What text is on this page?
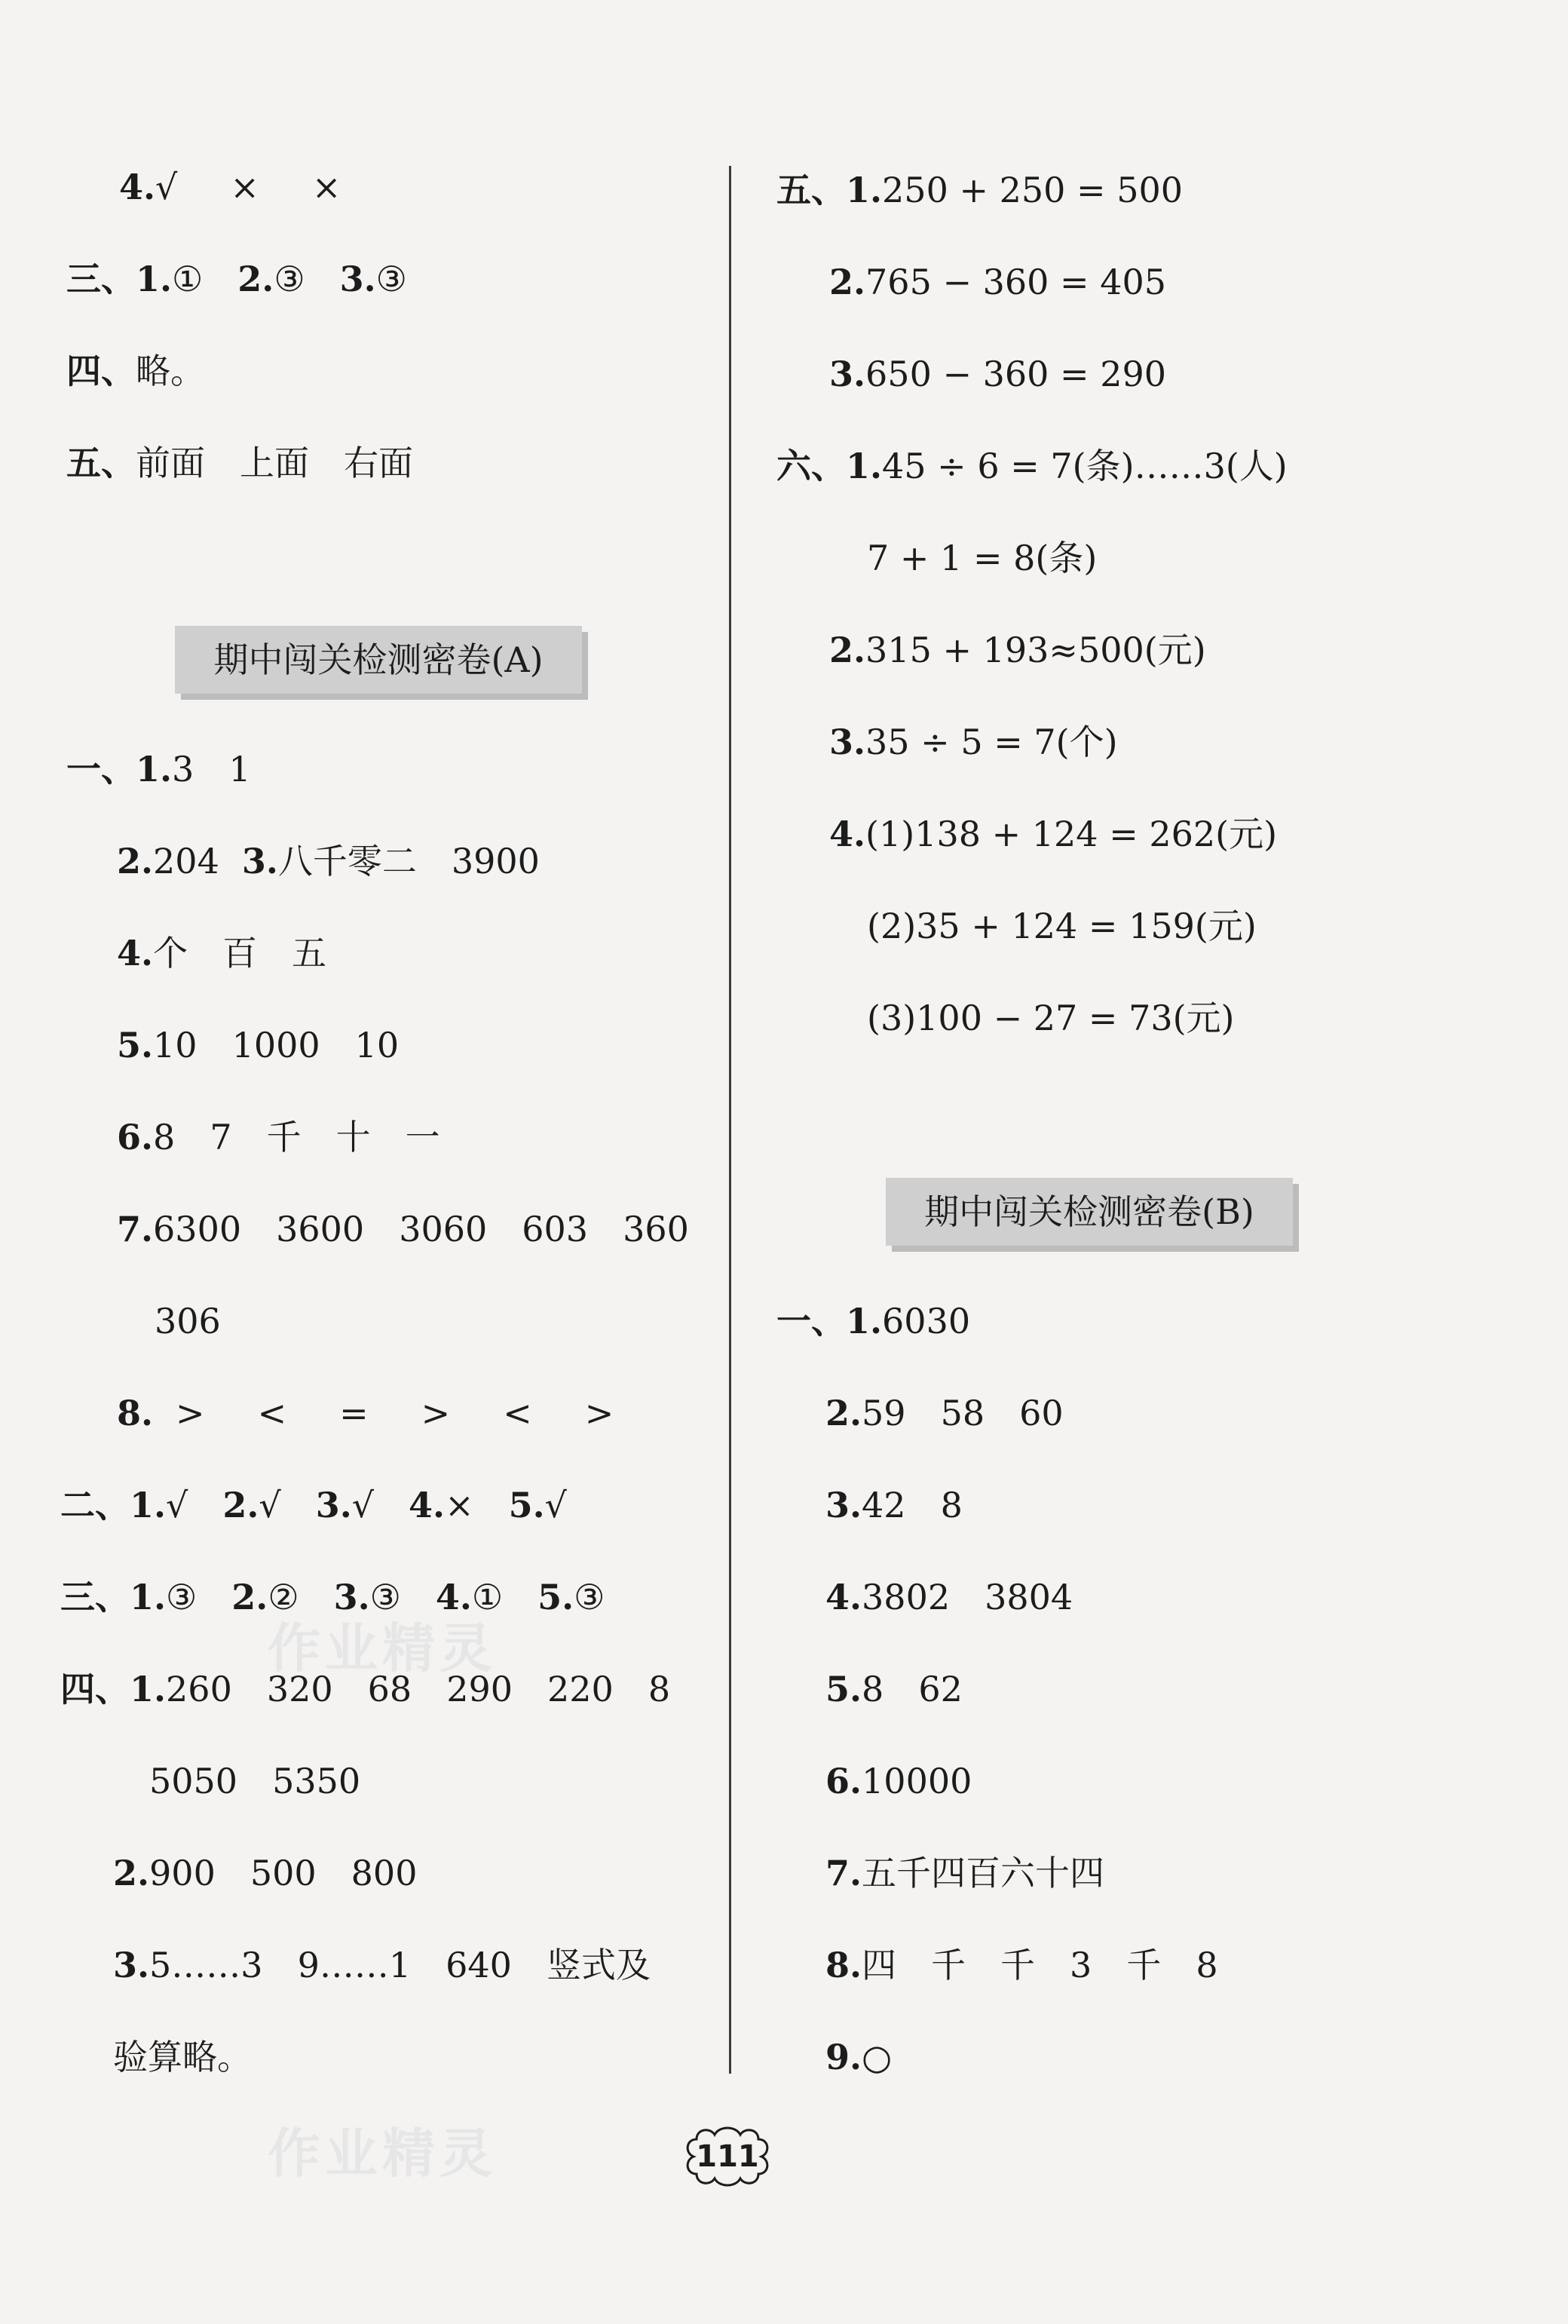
4.√ × ×
三、1.① 2.③ 3.③
四、略。
五、前面 上面 右面
期中闯关检测密卷(A)
一、1.3 1
2.204 3.八千零二 3900
4.个 百 五
5.10 1000 10
6.8 7 千 十 一
7.6300 3600 3060 603 360
306
8. > < = > < >
二、1.√ 2.√ 3.√ 4.× 5.√
三、1.③ 2.② 3.③ 4.① 5.③
四、1.260 320 68 290 220 8
5050 5350
2.900 500 800
3.5……3 9……1 640 竖式及
验算略。
五、1.250 + 250 = 500
2.765 − 360 = 405
3.650 − 360 = 290
六、1.45 ÷ 6 = 7(条)……3(人)
7 + 1 = 8(条)
2.315 + 193≈500(元)
3.35 ÷ 5 = 7(个)
4.(1)138 + 124 = 262(元)
(2)35 + 124 = 159(元)
(3)100 − 27 = 73(元)
期中闯关检测密卷(B)
一、1.6030
2.59 58 60
3.42 8
4.3802 3804
5.8 62
6.10000
7.五千四百六十四
8.四 千 千 3 千 8
9.○
作业精灵
作业精灵	111
